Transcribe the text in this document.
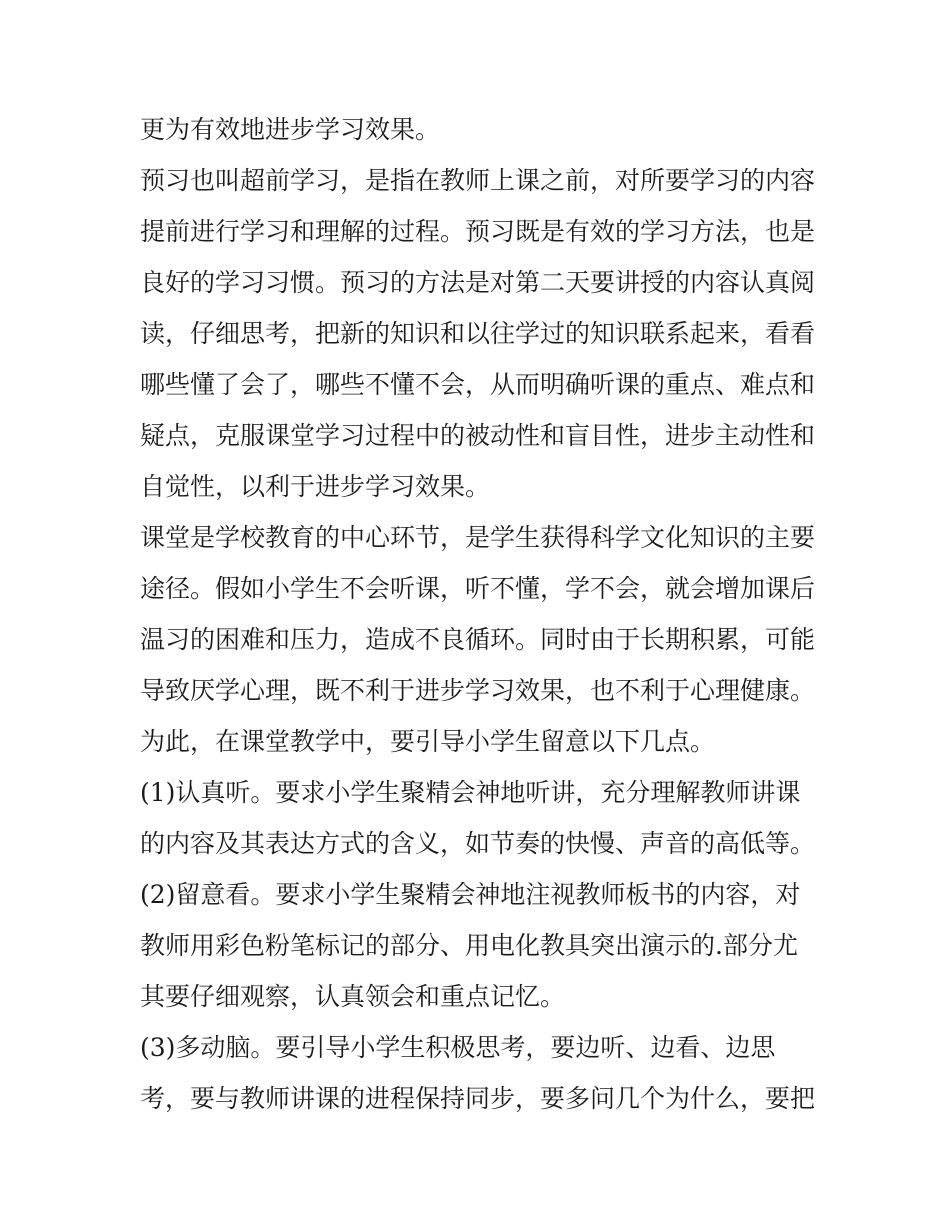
更为有效地进步学习效果。
预习也叫超前学习，是指在教师上课之前，对所要学习的内容
提前进行学习和理解的过程。预习既是有效的学习方法，也是
良好的学习习惯。预习的方法是对第二天要讲授的内容认真阅
读，仔细思考，把新的知识和以往学过的知识联系起来，看看
哪些懂了会了，哪些不懂不会，从而明确听课的重点、难点和
疑点，克服课堂学习过程中的被动性和盲目性，进步主动性和
自觉性，以利于进步学习效果。
课堂是学校教育的中心环节，是学生获得科学文化知识的主要
途径。假如小学生不会听课，听不懂，学不会，就会增加课后
温习的困难和压力，造成不良循环。同时由于长期积累，可能
导致厌学心理，既不利于进步学习效果，也不利于心理健康。
为此，在课堂教学中，要引导小学生留意以下几点。
(1)认真听。要求小学生聚精会神地听讲，充分理解教师讲课
的内容及其表达方式的含义，如节奏的快慢、声音的高低等。
(2)留意看。要求小学生聚精会神地注视教师板书的内容，对
教师用彩色粉笔标记的部分、用电化教具突出演示的.部分尤
其要仔细观察，认真领会和重点记忆。
(3)多动脑。要引导小学生积极思考，要边听、边看、边思
考，要与教师讲课的进程保持同步，要多问几个为什么，要把
